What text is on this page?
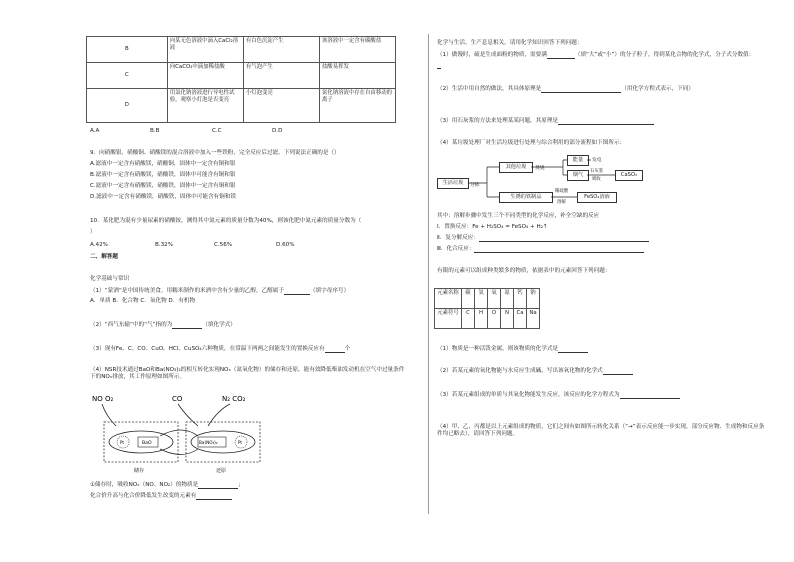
B	向某无色溶液中滴入CaCl₂溶液	有白色沉淀产生	该溶液中一定含有碳酸盐
C	向CaCO₃中滴加稀盐酸	有气泡产生	盐酸易挥发
D	用氯化钠溶液进行导电性试验，观察小灯泡是否变亮	小灯泡变亮	氯化钠溶液中存在自由移动的离子
A.A	B.B	C.C	D.D
9．向硝酸银、硝酸铜、硝酸镁的混合溶液中加入一些铁粉，完全反应后过滤。下列说法正确的是（）
A.滤液中一定含有硝酸镁，硝酸铜，固体中一定含有铜和银
B.滤液中一定含有硝酸镁，硝酸铁，固体中可能含有铜和银
C.滤液中一定含有硝酸镁，硝酸铁，固体中一定含有铜和银
D.滤液中一定含有硝酸镁，硝酸铁，固体中可能含有铜和镁
10．某化肥为混有少量尿素的硝酸铵，测得其中氮元素的质量分数为40%，则该化肥中氮元素的质量分数为（
）
A.42%	B.32%	C.56%	D.60%
二、解答题
化学基础与常识
（1）“蒙酒”是中国传统美食。用糯米制作的米酒中含有少量的乙醇，乙醇属于	（填字母序号）
A．单质 B．化合物 C．氧化物 D．有机物
（2）“西气东输”中的“气”指的为	（填化学式）
（3）现有Fe、C、CO、CuO、HCl、CuSO₄六种物质，在常温下两两之间能发生的置换反应有	个
（4）NSR技术通过BaO和Ba(NO₃)₂的相互转化实现NOₓ（氮氧化物）的储存和还原，能有效降低柴油发动机在空气中过量条件下的NOₓ排放，其工作原理如图所示。
NO O₂	CO	N₂ CO₂
Pt	Pt
BaO	Ba(NO₃)₂
储存	还原
①储存时，吸收NOₓ（NO、NO₂）的物质是	；
化合价升高与化合价降低发生改变的元素有
化学与生活、生产息息相关，请用化学知识回答下列问题：
（1）做馒时，硫是生成面粉的物质，需要满	（填“大”或“小”）的分子粒子，得到某化合物的化学式，分子式分数值：
（2）生活中用自然的做法，其具体原理是	（用化学方程式表示，下同）
（3）用石灰浆的方法来处理某某问题，其原理是
（4）某垃圾处理厂对生活垃圾进行处理与综合利用的部分流程如下图所示：
生活垃圾	分拣
其他垃圾	焚烧
能量	发电
烟气
石灰浆
吸收
CaSO₃
生锈的铁制品
稀硫酸
溶解
FeSO₄溶液
其中：溶解步骤中发生三个不同类型的化学反应，补全空缺的反应
Ⅰ．置换反应：Fe + H₂SO₄ = FeSO₄ + H₂↑
Ⅱ．复分解反应：
Ⅲ．化合反应：
有限的元素可以组成种类繁多的物质，依据表中的元素回答下列问题：
元素名称	碳	氢	氧	氮	钙	钠
元素符号	C	H	O	N	Ca	Na
（1）物质是一种活泼金属，则该物质的化学式是
（2）若某元素的氧化物能与水反应生成碱，写出该氧化物的化学式
（3）若某元素组成的单质与其氧化物能发生反应，该反应的化学方程式为
（4）甲、乙、丙都是以上元素组成的物质，它们之间有如图所示转化关系（“→”表示反应能一步实现，部分反应物、生成物和反应条件均已略去），请回答下列问题。
